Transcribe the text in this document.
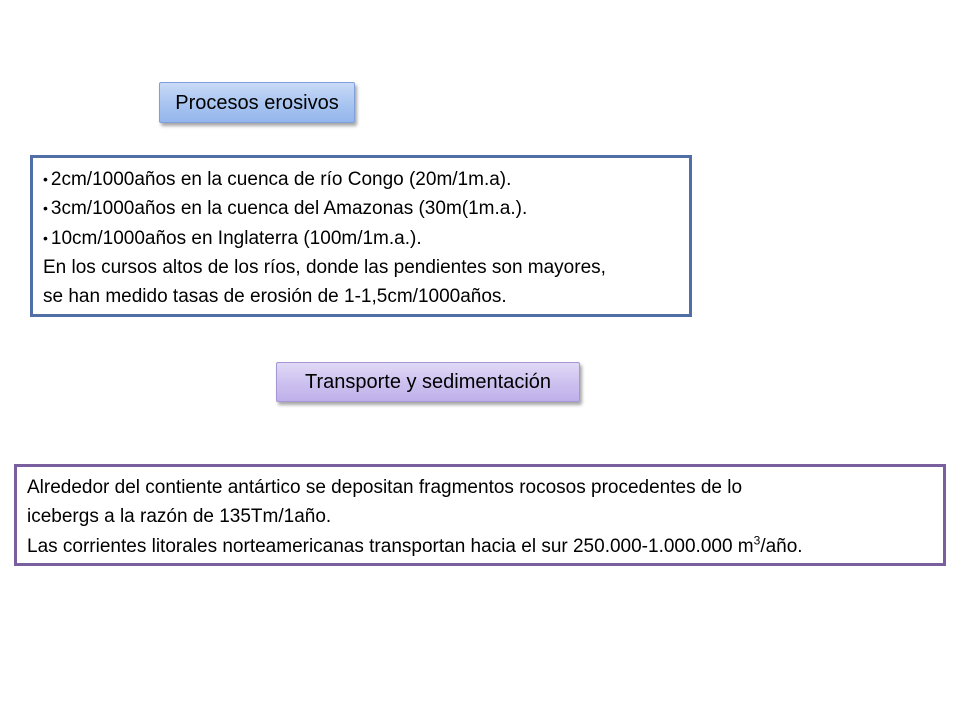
Procesos erosivos
• 2cm/1000años en la cuenca de río Congo (20m/1m.a).
• 3cm/1000años en la cuenca del Amazonas (30m(1m.a.).
• 10cm/1000años en Inglaterra (100m/1m.a.).
En los cursos altos de los ríos, donde las pendientes son mayores,
se han medido tasas de erosión de 1-1,5cm/1000años.
Transporte y sedimentación
Alrededor del contiente antártico se depositan fragmentos rocosos procedentes de lo
icebergs a la razón de 135Tm/1año.
Las corrientes litorales norteamericanas transportan hacia el sur 250.000-1.000.000 $m^3$/año.
